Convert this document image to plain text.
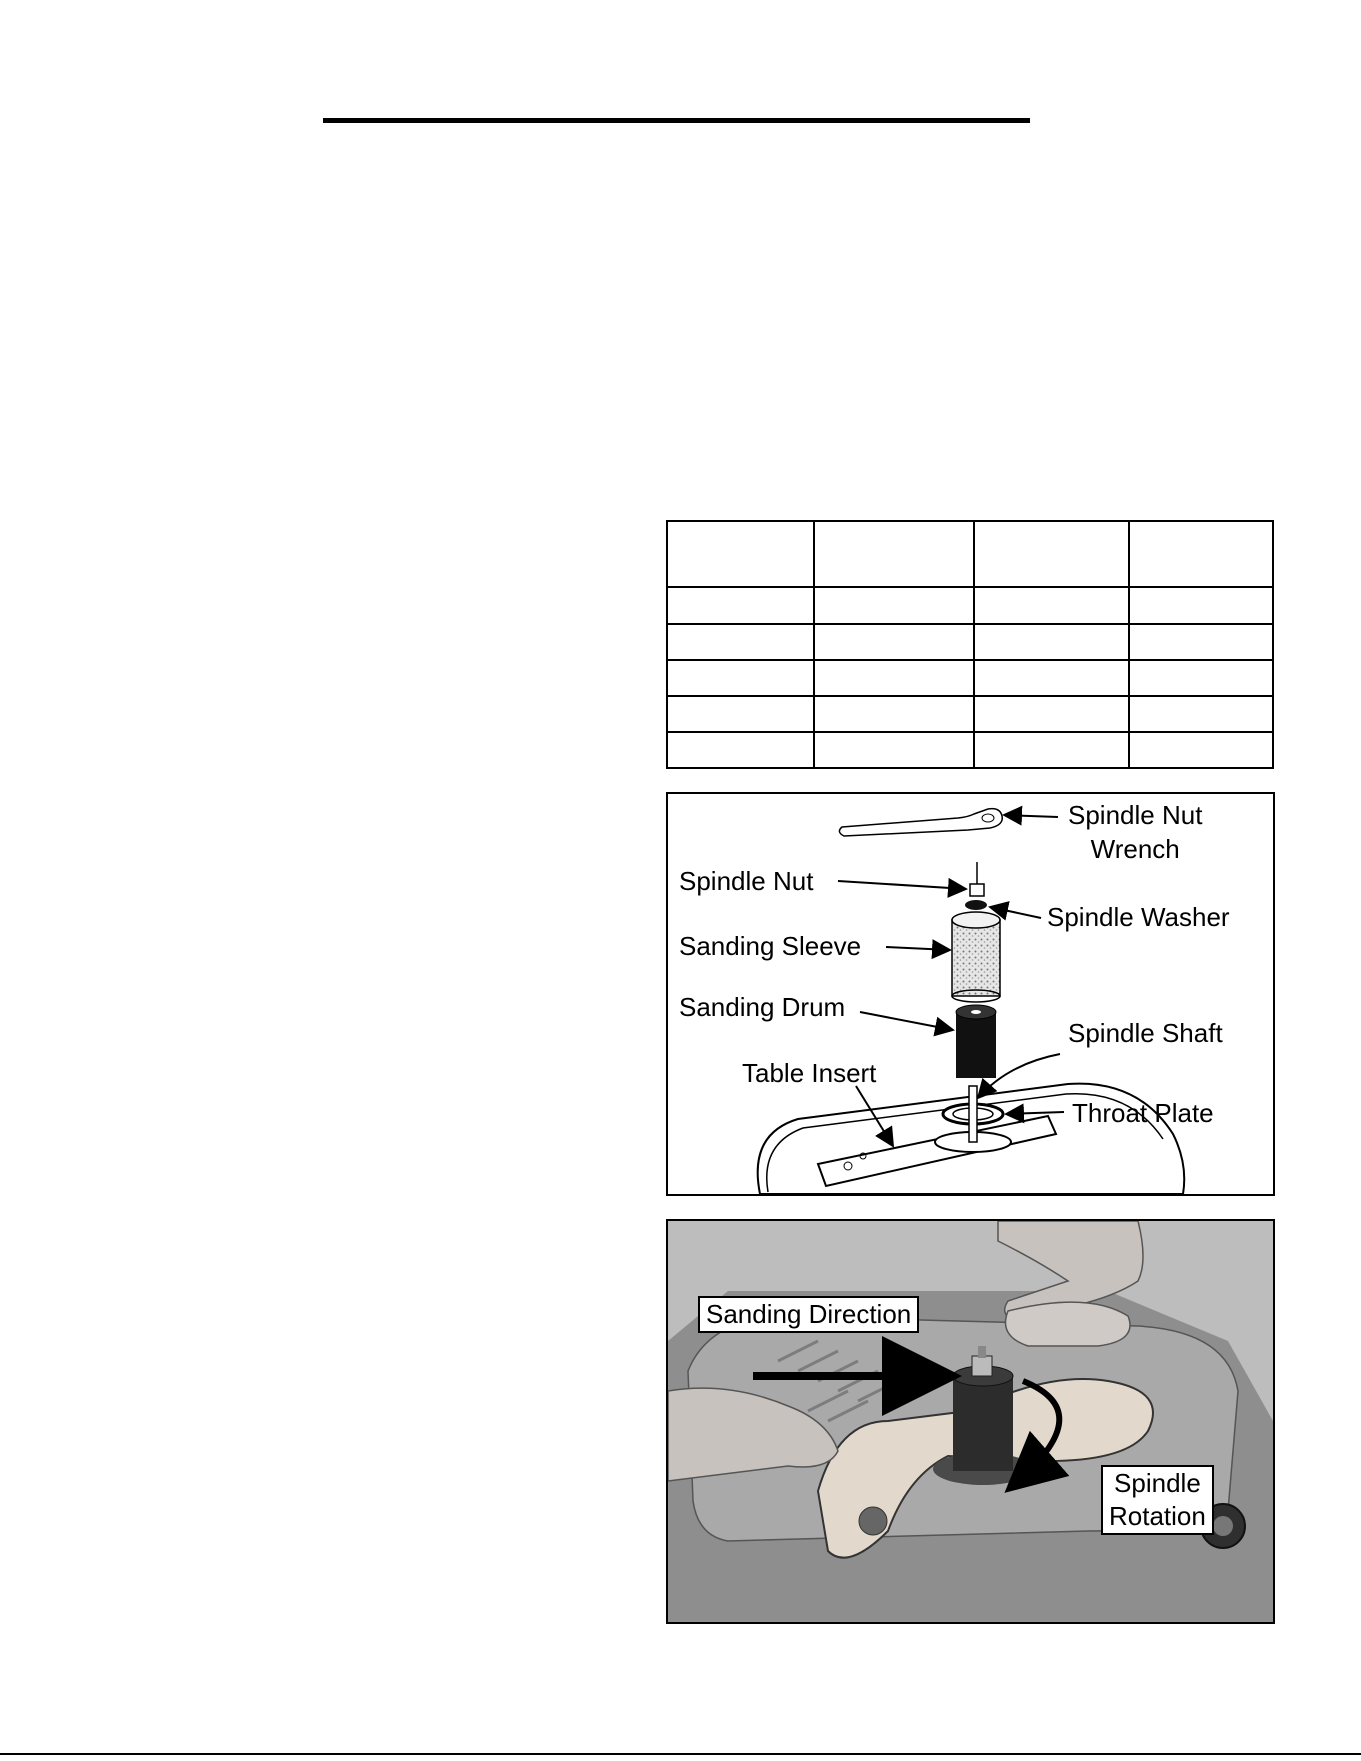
Spindle Nut
Wrench
Spindle Nut
Spindle Washer
Sanding Sleeve
Sanding Drum
Spindle Shaft
Table Insert
Throat Plate
Sanding Direction
Spindle
Rotation
